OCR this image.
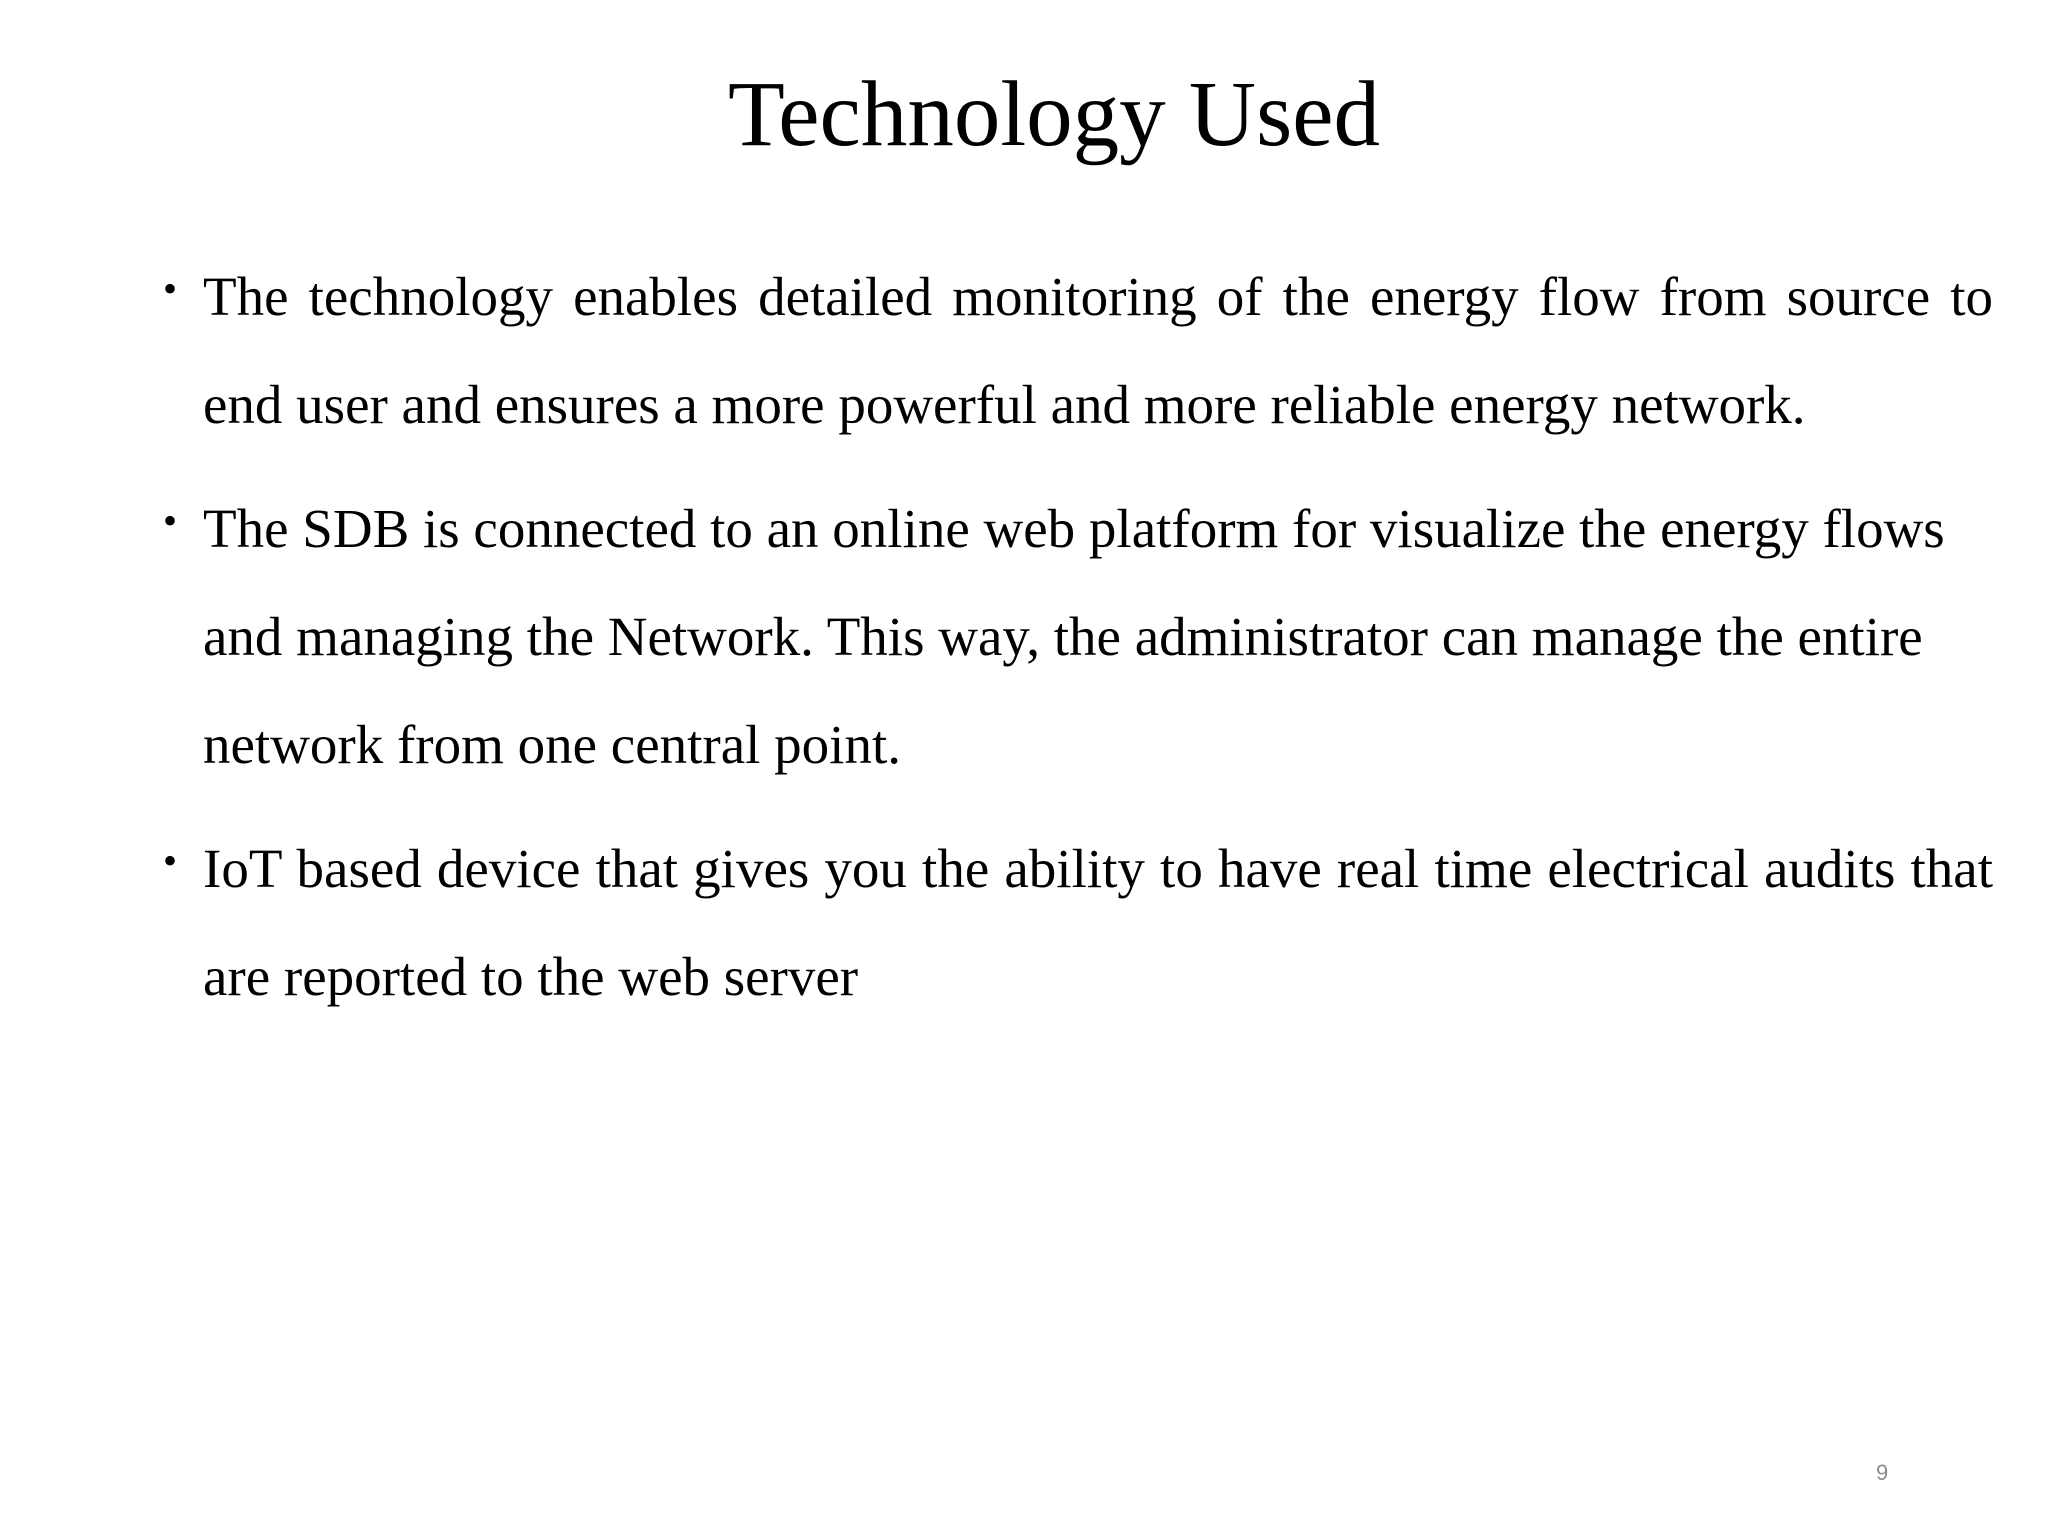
Technology Used
• The technology enables detailed monitoring of the energy flow from source to end user and ensures a more powerful and more reliable energy network.
• The SDB is connected to an online web platform for visualize the energy flows and managing the Network. This way, the administrator can manage the entire network from one central point.
• IoT based device that gives you the ability to have real time electrical audits that are reported to the web server
9
